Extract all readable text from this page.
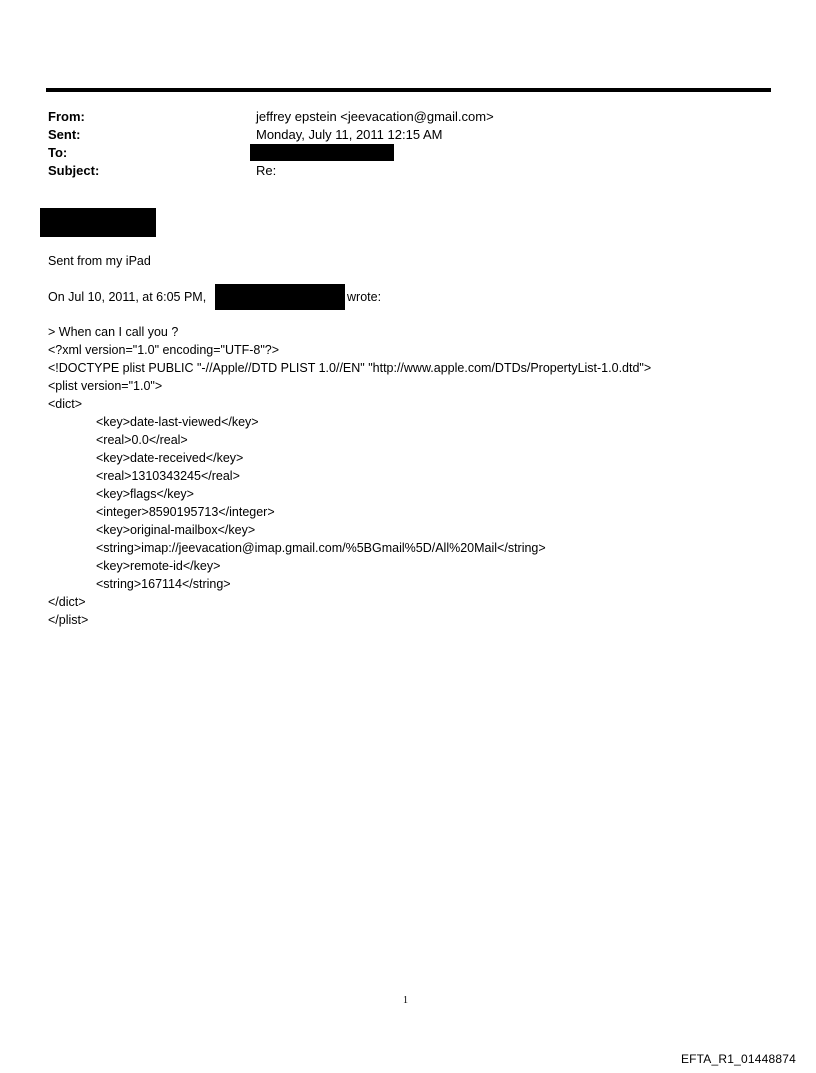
From:	jeffrey epstein <jeevacation@gmail.com>
Sent:	Monday, July 11, 2011 12:15 AM
To:
Subject:	Re:
Sent from my iPad
On Jul 10, 2011, at 6:05 PM,	wrote:
> When can I call you ?
<?xml version="1.0" encoding="UTF-8"?>
<!DOCTYPE plist PUBLIC "-//Apple//DTD PLIST 1.0//EN" "http://www.apple.com/DTDs/PropertyList-1.0.dtd">
<plist version="1.0">
<dict>
<key>date-last-viewed</key>
<real>0.0</real>
<key>date-received</key>
<real>1310343245</real>
<key>flags</key>
<integer>8590195713</integer>
<key>original-mailbox</key>
<string>imap://jeevacation@imap.gmail.com/%5BGmail%5D/All%20Mail</string>
<key>remote-id</key>
<string>167114</string>
</dict>
</plist>
1
EFTA_R1_01448874
